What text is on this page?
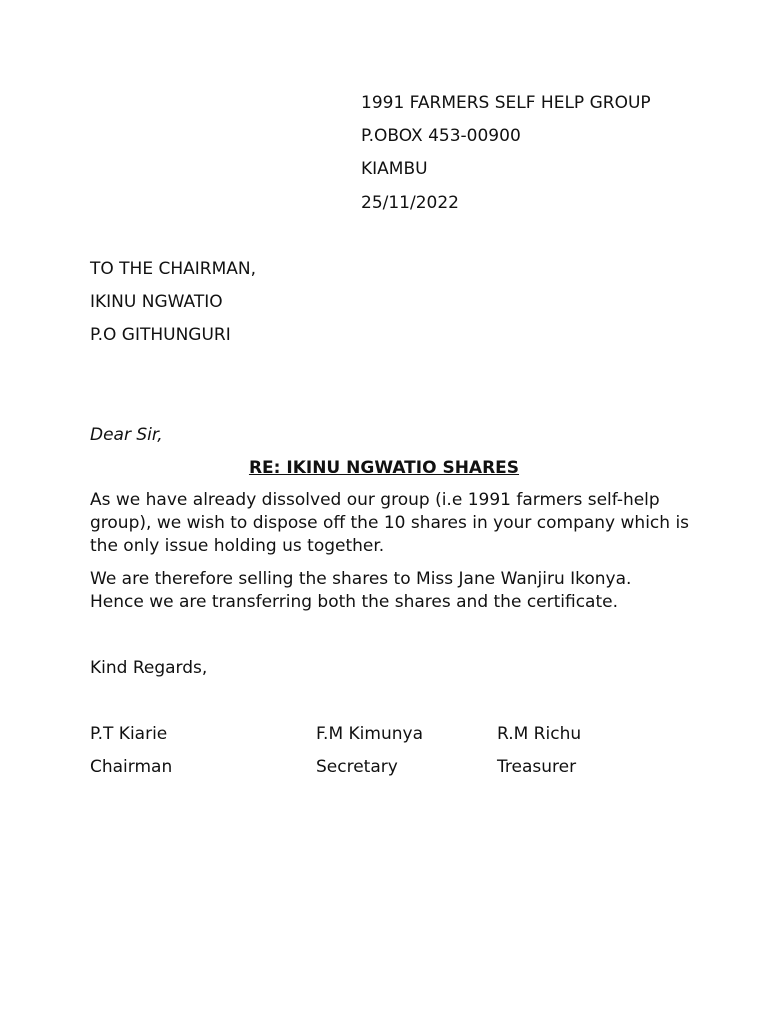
1991 FARMERS SELF HELP GROUP
P.OBOX 453-00900
KIAMBU
25/11/2022
TO THE CHAIRMAN,
IKINU NGWATIO
P.O GITHUNGURI
Dear Sir,
RE: IKINU NGWATIO SHARES

As we have already dissolved our group (i.e 1991 farmers self-help group), we wish to dispose off the 10 shares in your company which is the only issue holding us together.

We are therefore selling the shares to Miss Jane Wanjiru Ikonya. Hence we are transferring both the shares and the certificate.

Kind Regards,
P.T Kiarie
Chairman
F.M Kimunya
Secretary
R.M Richu
Treasurer
